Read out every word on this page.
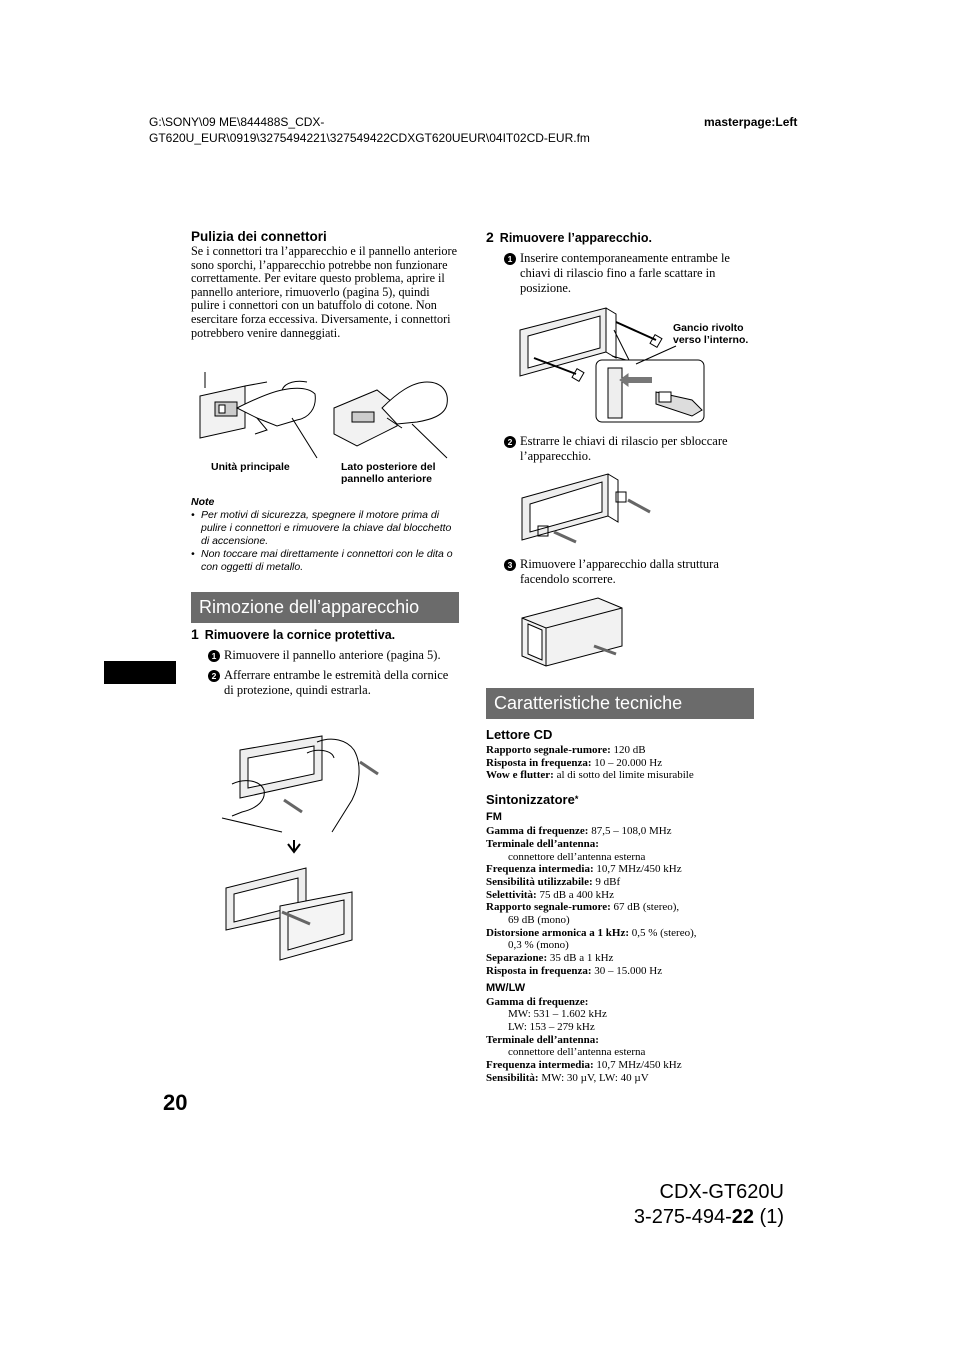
G:\SONY\09 ME\844488S_CDX-
GT620U_EUR\0919\3275494221\327549422CDXGT620UEUR\04IT02CD-EUR.fm
masterpage:Left
Pulizia dei connettori
Se i connettori tra l’apparecchio e il pannello anteriore sono sporchi, l’apparecchio potrebbe non funzionare correttamente. Per evitare questo problema, aprire il pannello anteriore, rimuoverlo (pagina 5), quindi pulire i connettori con un batuffolo di cotone. Non esercitare forza eccessiva. Diversamente, i connettori potrebbero venire danneggiati.
Unità principale	Lato posteriore del
pannello anteriore
Note
• Per motivi di sicurezza, spegnere il motore prima di pulire i connettori e rimuovere la chiave dal blocchetto di accensione.
• Non toccare mai direttamente i connettori con le dita o con oggetti di metallo.
Rimozione dell’apparecchio
1 Rimuovere la cornice protettiva.
1 Rimuovere il pannello anteriore (pagina 5).
2 Afferrare entrambe le estremità della cornice di protezione, quindi estrarla.
2 Rimuovere l’apparecchio.
1 Inserire contemporaneamente entrambe le chiavi di rilascio fino a farle scattare in posizione.
Gancio rivolto
verso l’interno.
2 Estrarre le chiavi di rilascio per sbloccare l’apparecchio.
3 Rimuovere l’apparecchio dalla struttura facendolo scorrere.
Caratteristiche tecniche
Lettore CD
Rapporto segnale-rumore: 120 dB
Risposta in frequenza: 10 – 20.000 Hz
Wow e flutter: al di sotto del limite misurabile
Sintonizzatore*
FM
Gamma di frequenze: 87,5 – 108,0 MHz
Terminale dell’antenna:
connettore dell’antenna esterna
Frequenza intermedia: 10,7 MHz/450 kHz
Sensibilità utilizzabile: 9 dBf
Selettività: 75 dB a 400 kHz
Rapporto segnale-rumore: 67 dB (stereo),
69 dB (mono)
Distorsione armonica a 1 kHz: 0,5 % (stereo),
0,3 % (mono)
Separazione: 35 dB a 1 kHz
Risposta in frequenza: 30 – 15.000 Hz
MW/LW
Gamma di frequenze:
MW: 531 – 1.602 kHz
LW: 153 – 279 kHz
Terminale dell’antenna:
connettore dell’antenna esterna
Frequenza intermedia: 10,7 MHz/450 kHz
Sensibilità: MW: 30 µV, LW: 40 µV
20
CDX-GT620U
3-275-494-22 (1)
